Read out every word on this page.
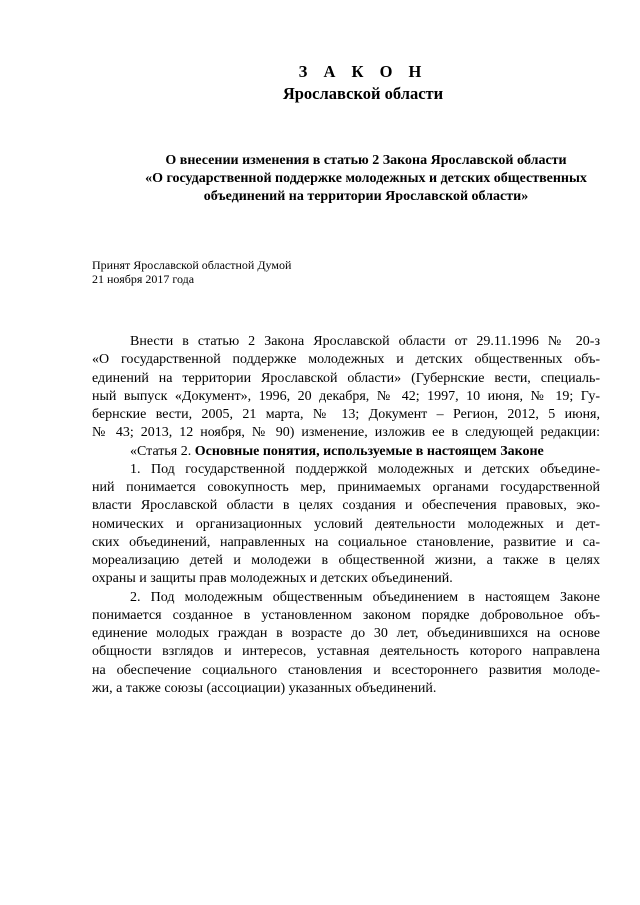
З А К О Н
Ярославской области
О внесении изменения в статью 2 Закона Ярославской области
«О государственной поддержке молодежных и детских общественных
объединений на территории Ярославской области»
Принят Ярославской областной Думой
21 ноября 2017 года
Внести в статью 2 Закона Ярославской области от 29.11.1996 № 20-з
«О государственной поддержке молодежных и детских общественных объ-
единений на территории Ярославской области» (Губернские вести, специаль-
ный выпуск «Документ», 1996, 20 декабря, № 42; 1997, 10 июня, № 19; Гу-
бернские вести, 2005, 21 марта, № 13; Документ – Регион, 2012, 5 июня,
№ 43; 2013, 12 ноября, № 90) изменение, изложив ее в следующей редакции:
«Статья 2. Основные понятия, используемые в настоящем Законе
1. Под государственной поддержкой молодежных и детских объедине-
ний понимается совокупность мер, принимаемых органами государственной
власти Ярославской области в целях создания и обеспечения правовых, эко-
номических и организационных условий деятельности молодежных и дет-
ских объединений, направленных на социальное становление, развитие и са-
мореализацию детей и молодежи в общественной жизни, а также в целях
охраны и защиты прав молодежных и детских объединений.
2. Под молодежным общественным объединением в настоящем Законе
понимается созданное в установленном законом порядке добровольное объ-
единение молодых граждан в возрасте до 30 лет, объединившихся на основе
общности взглядов и интересов, уставная деятельность которого направлена
на обеспечение социального становления и всестороннего развития молоде-
жи, а также союзы (ассоциации) указанных объединений.
